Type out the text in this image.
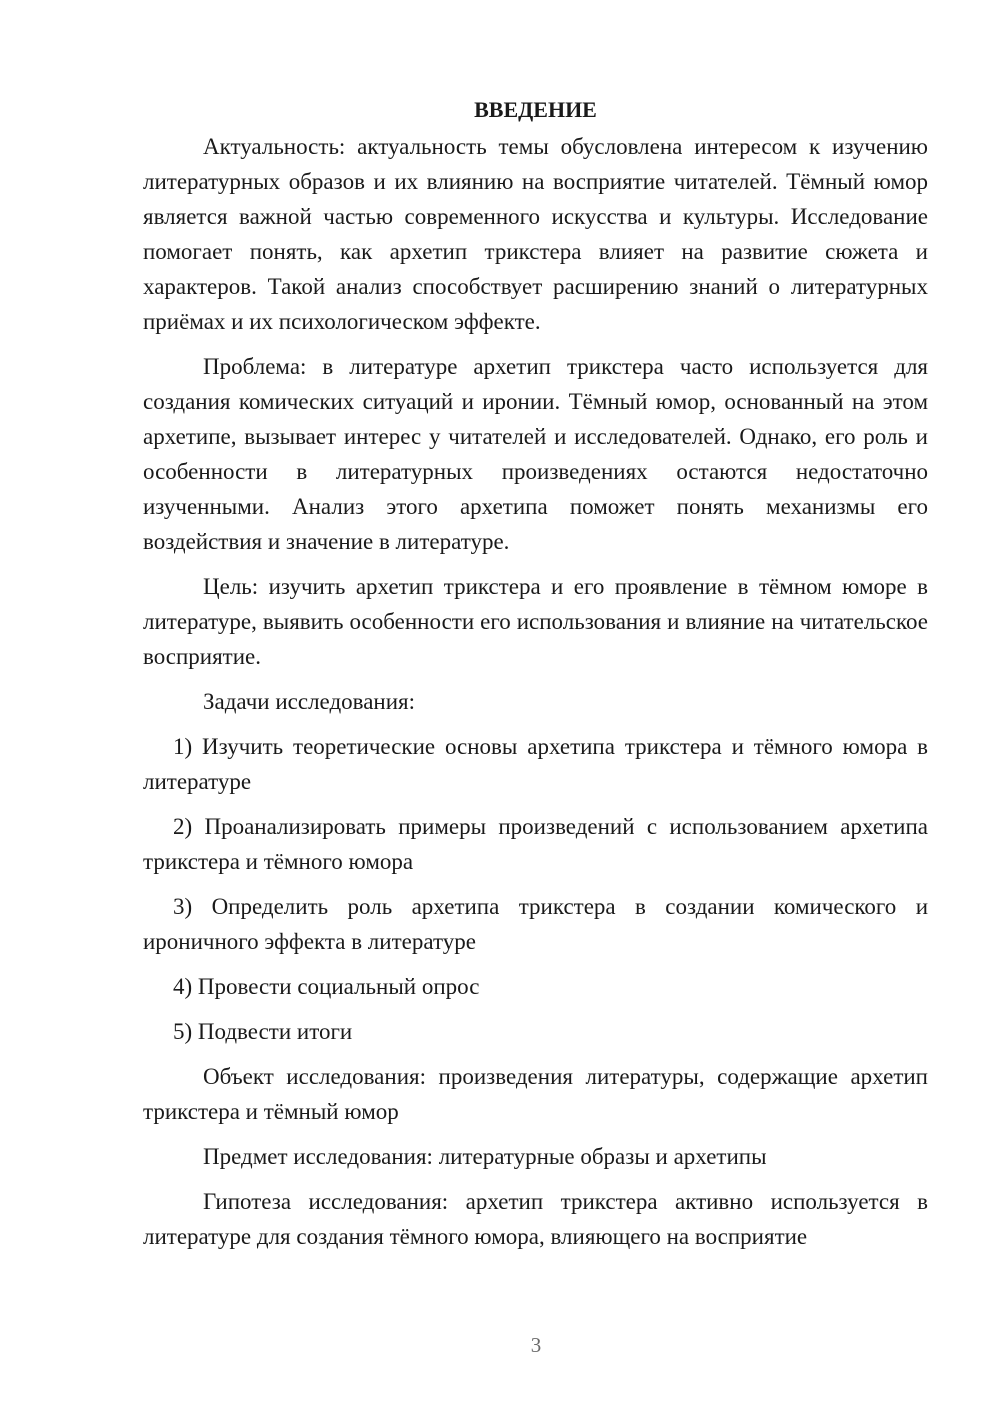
ВВЕДЕНИЕ

Актуальность: актуальность темы обусловлена интересом к изучению литературных образов и их влиянию на восприятие читателей. Тёмный юмор является важной частью современного искусства и культуры. Исследование помогает понять, как архетип трикстера влияет на развитие сюжета и характеров. Такой анализ способствует расширению знаний о литературных приёмах и их психологическом эффекте.

Проблема: в литературе архетип трикстера часто используется для создания комических ситуаций и иронии. Тёмный юмор, основанный на этом архетипе, вызывает интерес у читателей и исследователей. Однако, его роль и особенности в литературных произведениях остаются недостаточно изученными. Анализ этого архетипа поможет понять механизмы его воздействия и значение в литературе.

Цель: изучить архетип трикстера и его проявление в тёмном юморе в литературе, выявить особенности его использования и влияние на читательское восприятие.

Задачи исследования:

1) Изучить теоретические основы архетипа трикстера и тёмного юмора в литературе

2) Проанализировать примеры произведений с использованием архетипа трикстера и тёмного юмора

3) Определить роль архетипа трикстера в создании комического и ироничного эффекта в литературе

4) Провести социальный опрос

5) Подвести итоги

Объект исследования: произведения литературы, содержащие архетип трикстера и тёмный юмор

Предмет исследования: литературные образы и архетипы

Гипотеза исследования: архетип трикстера активно используется в литературе для создания тёмного юмора, влияющего на восприятие

3
